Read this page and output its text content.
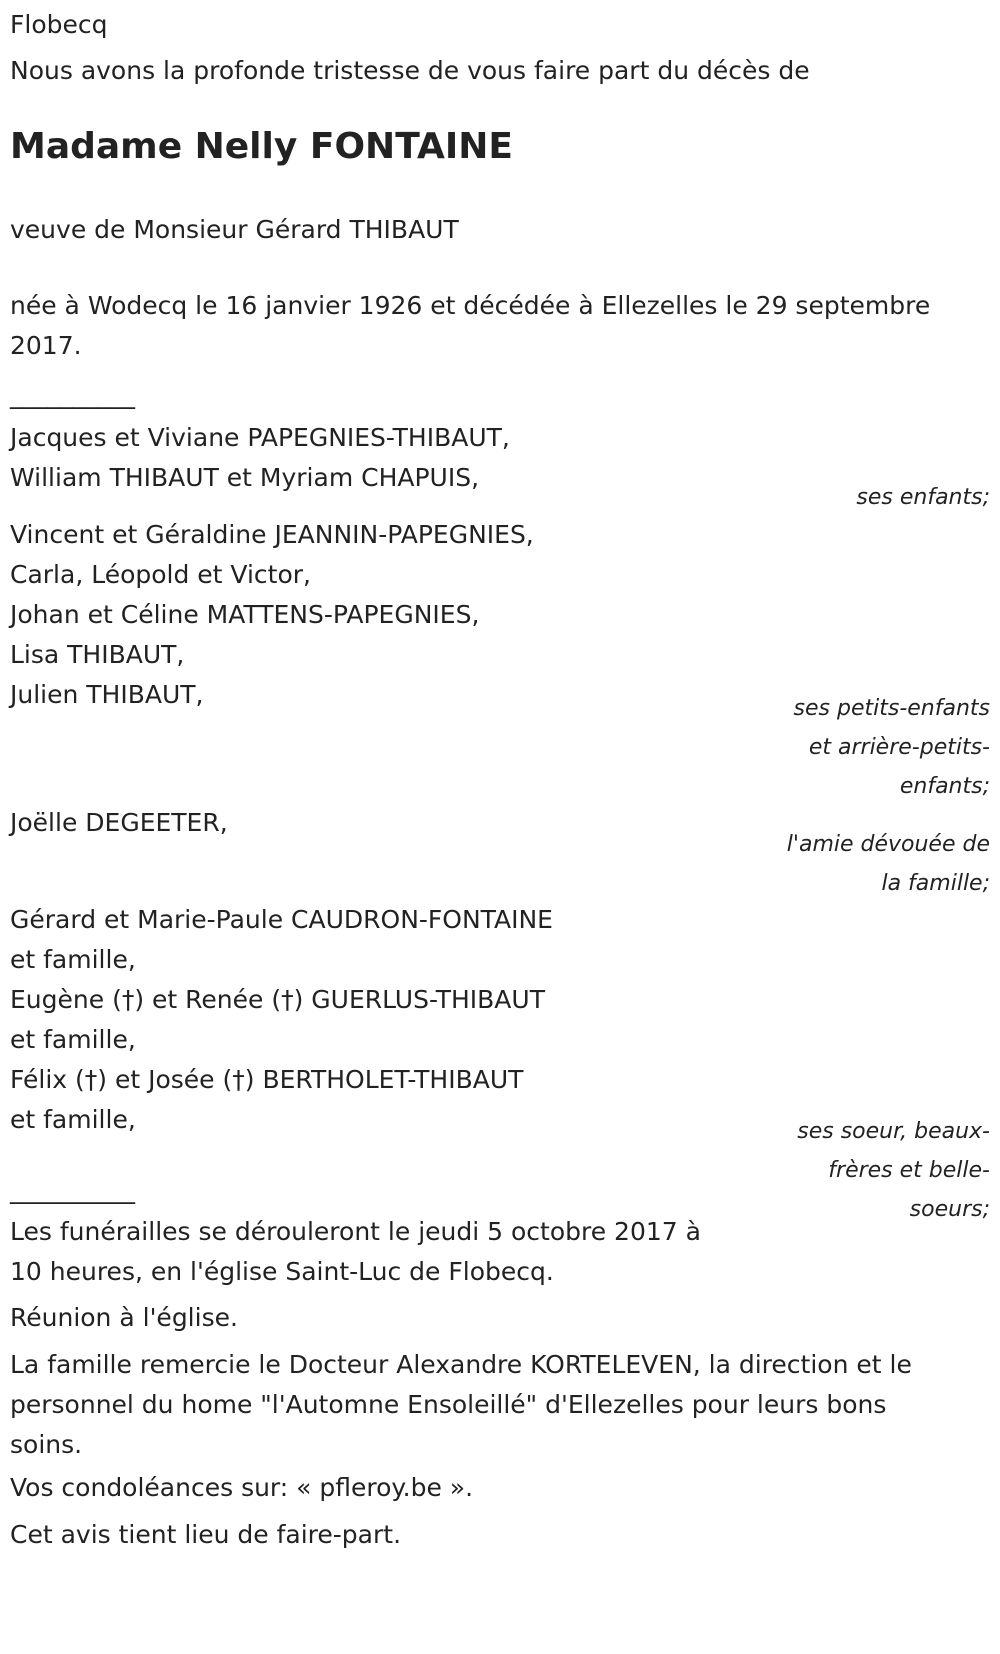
Flobecq

Nous avons la profonde tristesse de vous faire part du décès de

Madame Nelly FONTAINE

veuve de Monsieur Gérard THIBAUT

née à Wodecq le 16 janvier 1926 et décédée à Ellezelles le 29 septembre
2017.

__________

Jacques et Viviane PAPEGNIES-THIBAUT,
William THIBAUT et Myriam CHAPUIS,

ses enfants;

Vincent et Géraldine JEANNIN-PAPEGNIES,
Carla, Léopold et Victor,
Johan et Céline MATTENS-PAPEGNIES,
Lisa THIBAUT,
Julien THIBAUT,	ses petits-enfants
et arrière-petits-
enfants;

Joëlle DEGEETER,

l'amie dévouée de
la famille;
Gérard et Marie-Paule CAUDRON-FONTAINE
et famille,
Eugène (†) et Renée (†) GUERLUS-THIBAUT
et famille,
Félix (†) et Josée (†) BERTHOLET-THIBAUT
et famille,	ses soeur, beaux-
frères et belle-
soeurs;

__________

Les funérailles se dérouleront le jeudi 5 octobre 2017 à
10 heures, en l'église Saint-Luc de Flobecq.

Réunion à l'église.

La famille remercie le Docteur Alexandre KORTELEVEN, la direction et le
personnel du home "l'Automne Ensoleillé" d'Ellezelles pour leurs bons
soins.

Vos condoléances sur: « pfleroy.be ».

Cet avis tient lieu de faire-part.
